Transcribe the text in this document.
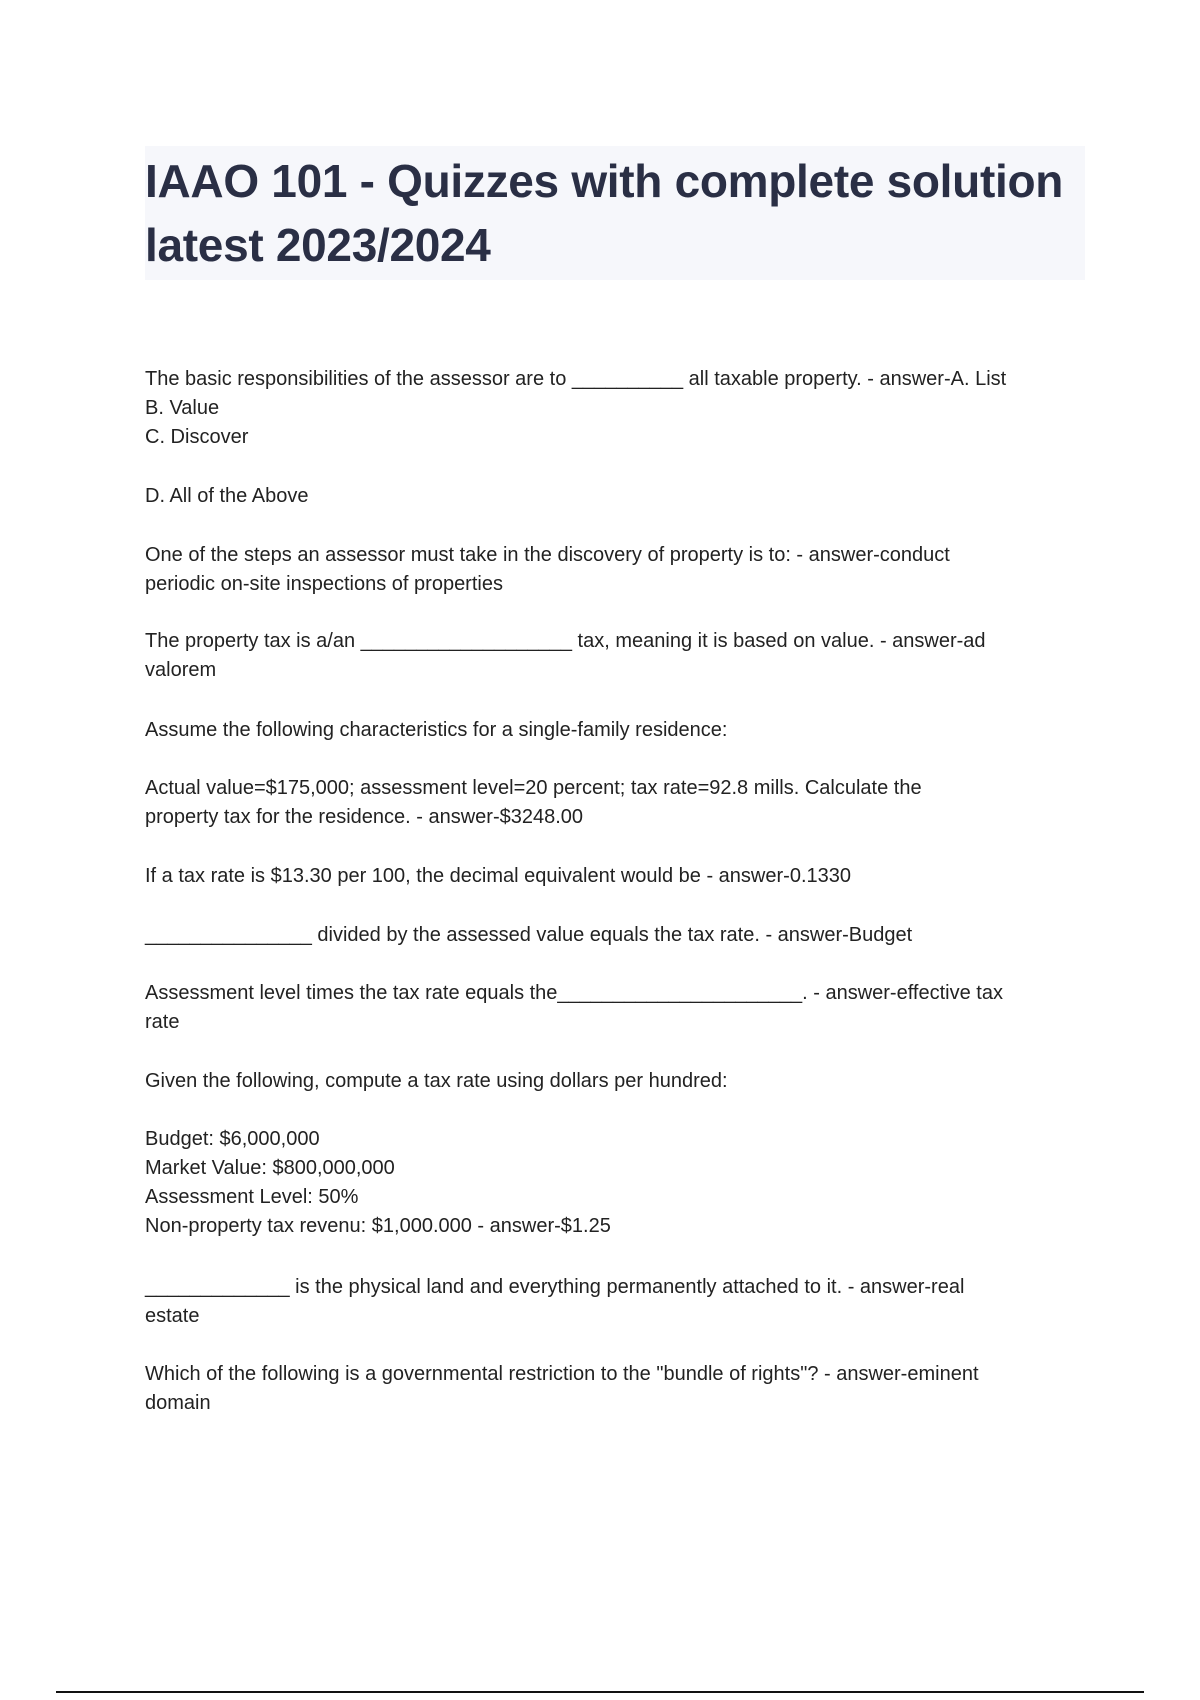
IAAO 101 - Quizzes with complete solution latest 2023/2024
The basic responsibilities of the assessor are to __________ all taxable property. - answer-A. List
B. Value
C. Discover
D. All of the Above
One of the steps an assessor must take in the discovery of property is to: - answer-conduct
periodic on-site inspections of properties
The property tax is a/an ___________________ tax, meaning it is based on value. - answer-ad
valorem
Assume the following characteristics for a single-family residence:
Actual value=$175,000; assessment level=20 percent; tax rate=92.8 mills. Calculate the
property tax for the residence. - answer-$3248.00
If a tax rate is $13.30 per 100, the decimal equivalent would be - answer-0.1330
_______________ divided by the assessed value equals the tax rate. - answer-Budget
Assessment level times the tax rate equals the______________________. - answer-effective tax
rate
Given the following, compute a tax rate using dollars per hundred:
Budget: $6,000,000
Market Value: $800,000,000
Assessment Level: 50%
Non-property tax revenu: $1,000.000 - answer-$1.25
_____________ is the physical land and everything permanently attached to it. - answer-real
estate
Which of the following is a governmental restriction to the "bundle of rights"? - answer-eminent
domain
